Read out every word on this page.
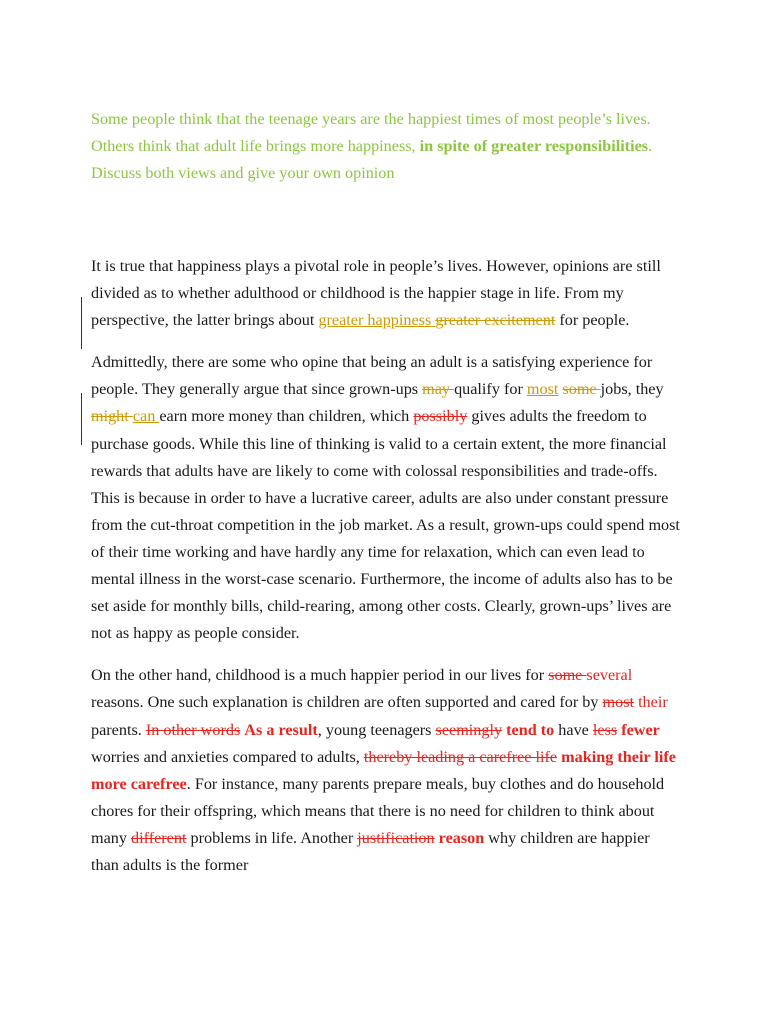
Some people think that the teenage years are the happiest times of most people’s lives. Others think that adult life brings more happiness, in spite of greater responsibilities. Discuss both views and give your own opinion

It is true that happiness plays a pivotal role in people’s lives. However, opinions are still divided as to whether adulthood or childhood is the happier stage in life. From my perspective, the latter brings about greater happiness greater excitement for people.

Admittedly, there are some who opine that being an adult is a satisfying experience for people. They generally argue that since grown-ups may qualify for most some jobs, they might can earn more money than children, which possibly gives adults the freedom to purchase goods. While this line of thinking is valid to a certain extent, the more financial rewards that adults have are likely to come with colossal responsibilities and trade-offs. This is because in order to have a lucrative career, adults are also under constant pressure from the cut-throat competition in the job market. As a result, grown-ups could spend most of their time working and have hardly any time for relaxation, which can even lead to mental illness in the worst-case scenario. Furthermore, the income of adults also has to be set aside for monthly bills, child-rearing, among other costs. Clearly, grown-ups’ lives are not as happy as people consider.

On the other hand, childhood is a much happier period in our lives for some several reasons. One such explanation is children are often supported and cared for by most their parents. In other words As a result, young teenagers seemingly tend to have less fewer worries and anxieties compared to adults, thereby leading a carefree life making their life more carefree. For instance, many parents prepare meals, buy clothes and do household chores for their offspring, which means that there is no need for children to think about many different problems in life. Another justification reason why children are happier than adults is the former
